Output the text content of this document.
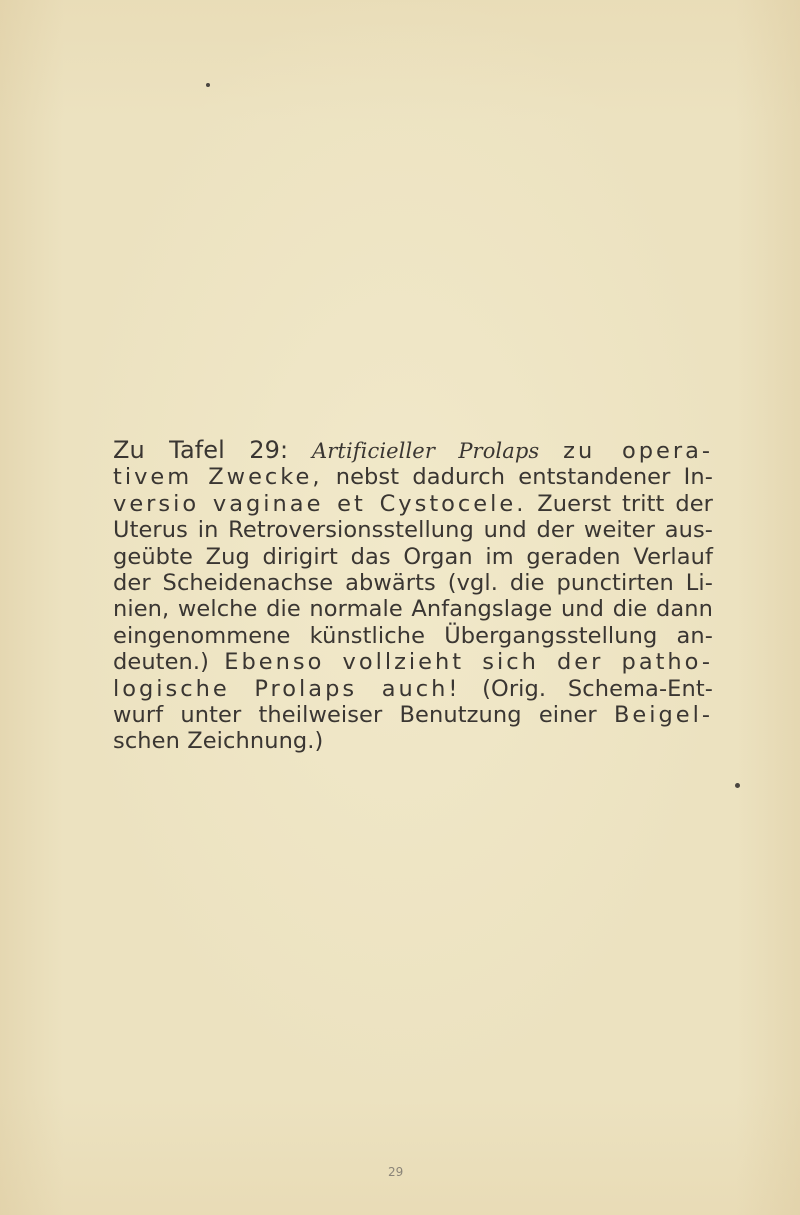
Zu Tafel 29: Artificieller Prolaps zu opera-
tivem Zwecke, nebst dadurch entstandener In-
versio vaginae et Cystocele. Zuerst tritt der
Uterus in Retroversionsstellung und der weiter aus-
geübte Zug dirigirt das Organ im geraden Verlauf
der Scheidenachse abwärts (vgl. die punctirten Li-
nien, welche die normale Anfangslage und die dann
eingenommene künstliche Übergangsstellung an-
deuten.) Ebenso vollzieht sich der patho-
logische Prolaps auch! (Orig. Schema-Ent-
wurf unter theilweiser Benutzung einer Beigel-
schen Zeichnung.)
29
